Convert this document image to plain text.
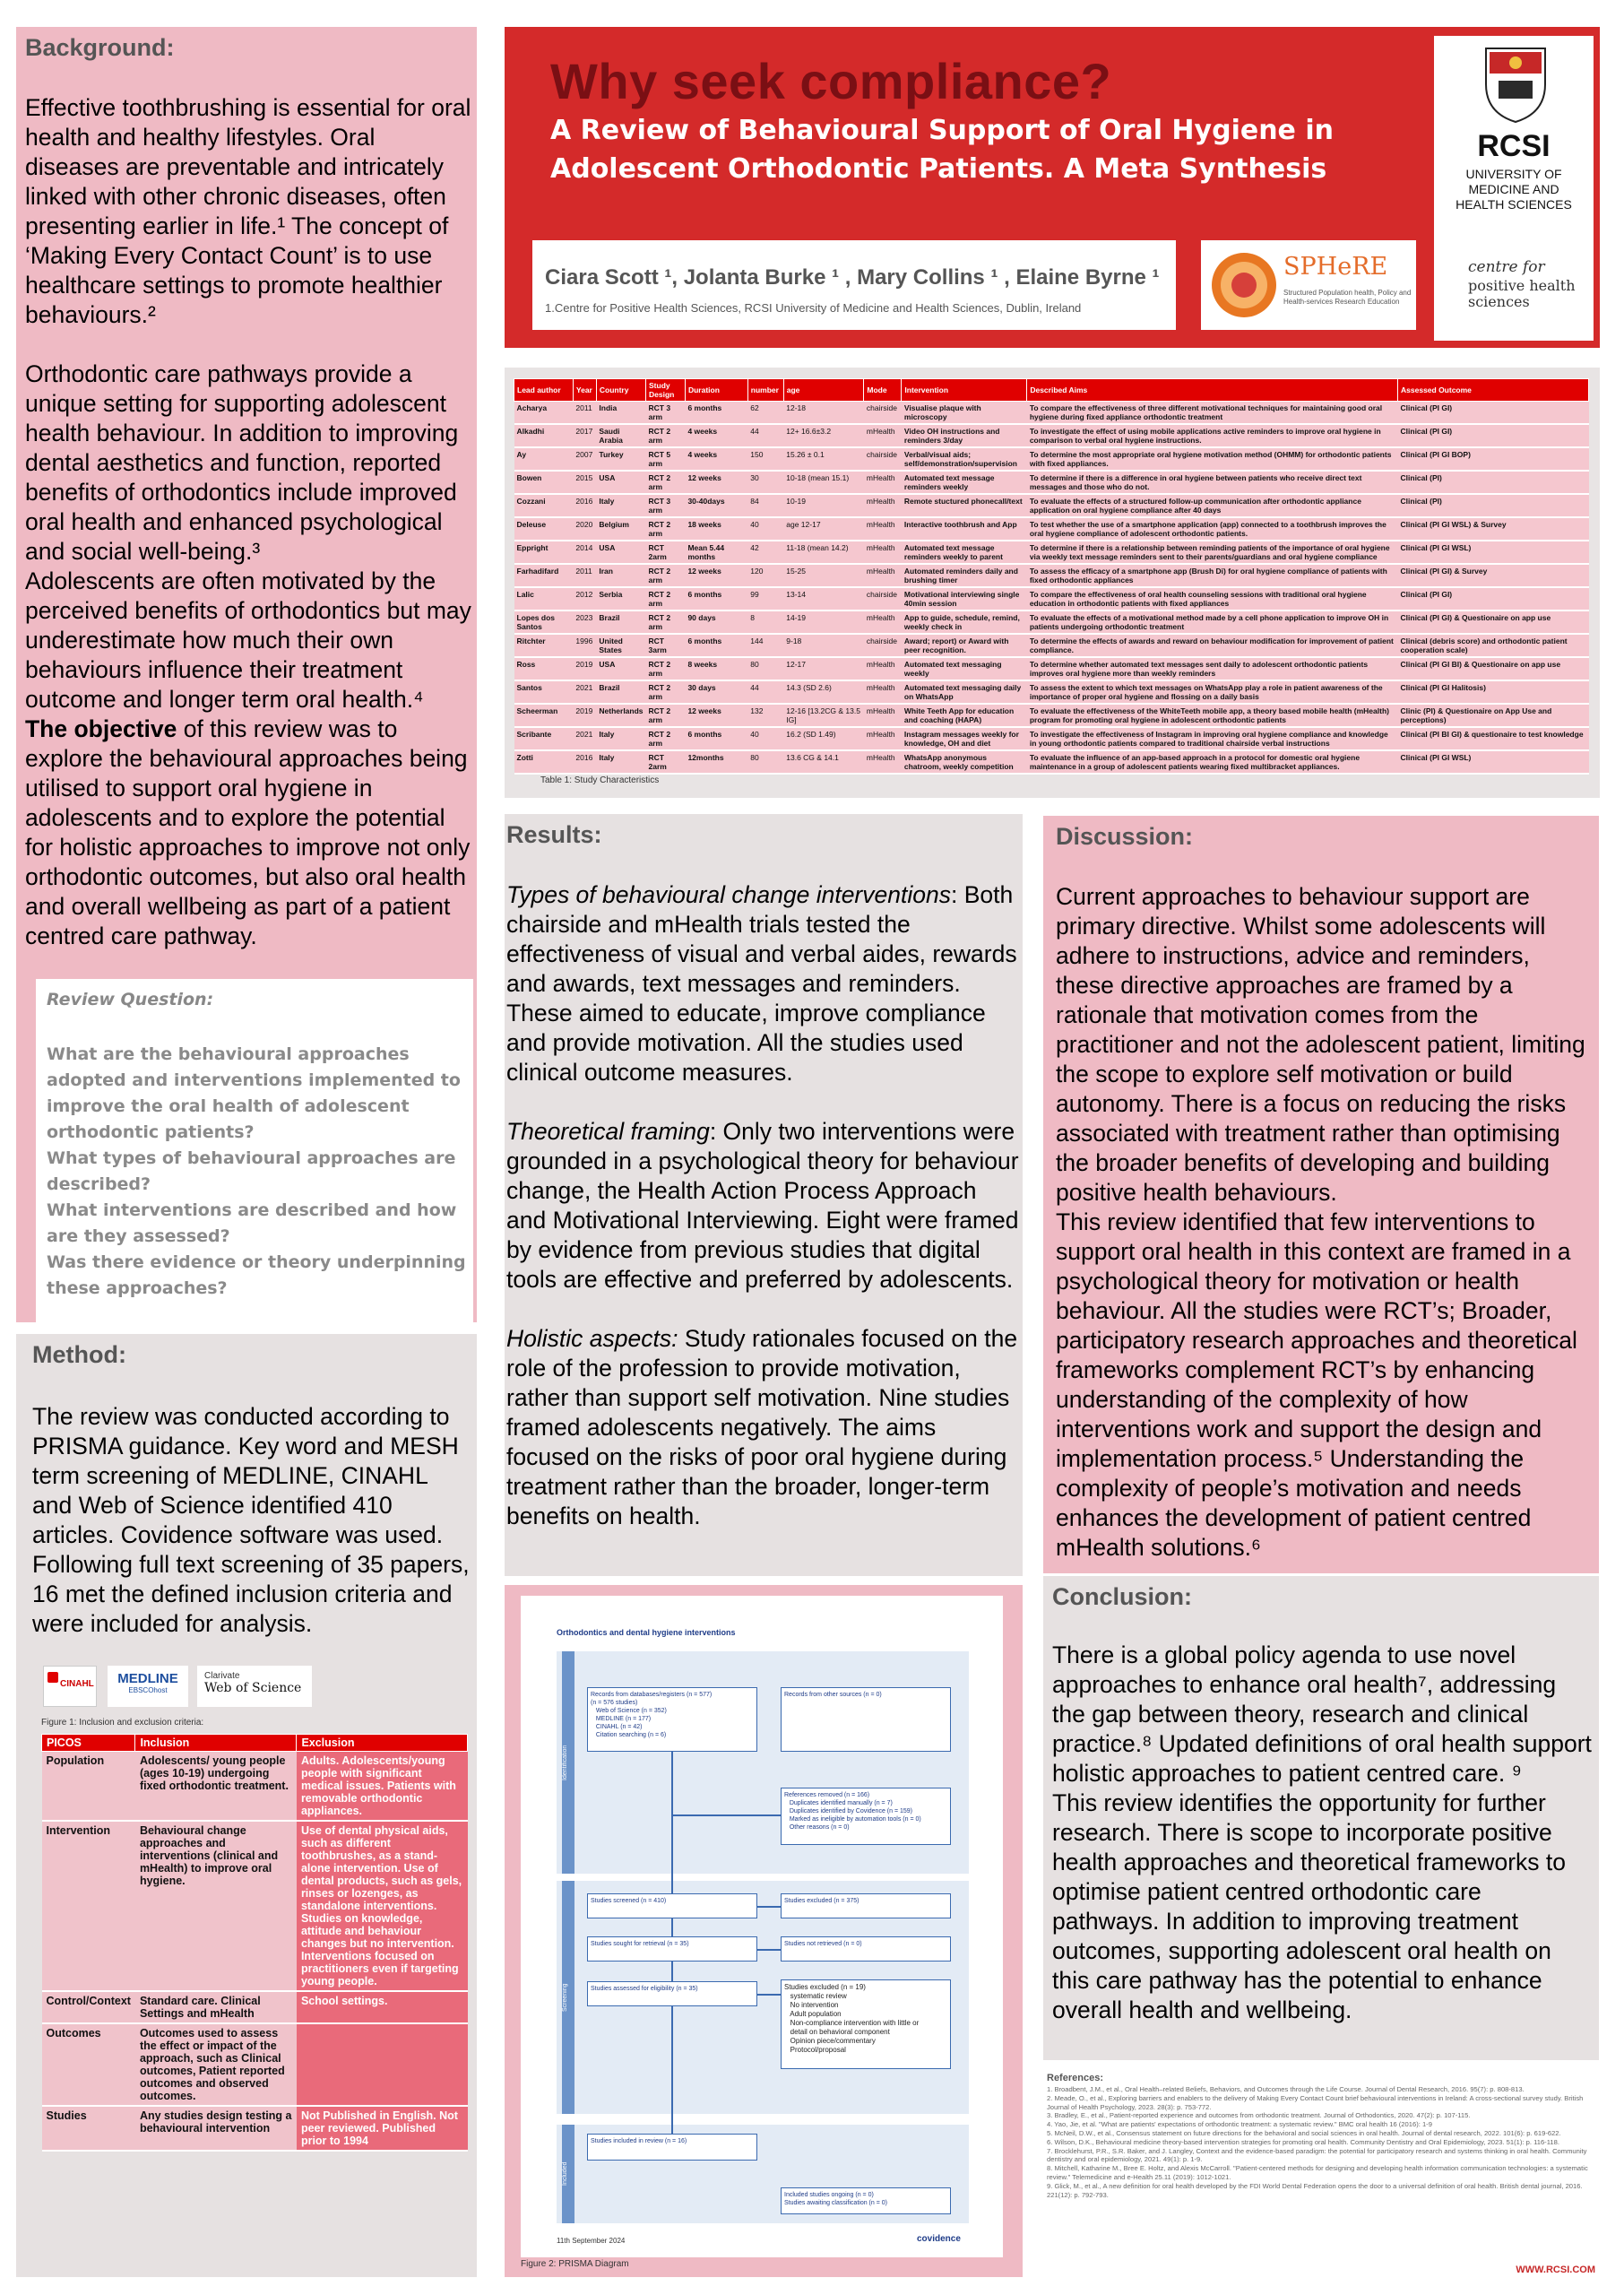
Background:

Effective toothbrushing is essential for oral health and healthy lifestyles. Oral diseases are preventable and intricately linked with other chronic diseases, often presenting earlier in life.¹ The concept of ‘Making Every Contact Count’ is to use healthcare settings to promote healthier behaviours.²

Orthodontic care pathways provide a unique setting for supporting adolescent health behaviour. In addition to improving dental aesthetics and function, reported benefits of orthodontics include improved oral health and enhanced psychological and social well-being.³

Adolescents are often motivated by the perceived benefits of orthodontics but may underestimate how much their own behaviours influence their treatment outcome and longer term oral health.⁴

The objective of this review was to explore the behavioural approaches being utilised to support oral hygiene in adolescents and to explore the potential for holistic approaches to improve not only orthodontic outcomes, but also oral health and overall wellbeing as part of a patient centred care pathway.

Review Question:
What are the behavioural approaches adopted and interventions implemented to improve the oral health of adolescent orthodontic patients?
What types of behavioural approaches are described?
What interventions are described and how are they assessed?
Was there evidence or theory underpinning these approaches?
Method:
The review was conducted according to PRISMA guidance. Key word and MESH term screening of MEDLINE, CINAHL and Web of Science identified 410 articles. Covidence software was used. Following full text screening of 35 papers, 16 met the defined inclusion criteria and were included for analysis.
CINAHL	MEDLINE
EBSCOhost
Clarivate
Web of Science
Figure 1: Inclusion and exclusion criteria:
PICOS	Inclusion	Exclusion
Population	Adolescents/ young people (ages 10-19) undergoing fixed orthodontic treatment.	Adults. Adolescents/young people with significant medical issues. Patients with removable orthodontic appliances.
Intervention	Behavioural change approaches and interventions (clinical and mHealth) to improve oral hygiene.	Use of dental physical aids, such as different toothbrushes, as a stand-alone intervention. Use of dental products, such as gels, rinses or lozenges, as standalone interventions. Studies on knowledge, attitude and behaviour changes but no intervention. Interventions focused on practitioners even if targeting young people.
Control/Context	Standard care. Clinical Settings and mHealth	School settings.
Outcomes	Outcomes used to assess the effect or impact of the approach, such as Clinical outcomes, Patient reported outcomes and observed outcomes.	
Studies	Any studies design testing a behavioural intervention	Not Published in English. Not peer reviewed. Published prior to 1994
Why seek compliance?
A Review of Behavioural Support of Oral Hygiene in Adolescent Orthodontic Patients. A Meta Synthesis
Ciara Scott ¹, Jolanta Burke ¹ , Mary Collins ¹ , Elaine Byrne ¹
1.Centre for Positive Health Sciences, RCSI University of Medicine and Health Sciences, Dublin, Ireland
SPHeRE
Structured Population health, Policy and Health-services Research Education
RCSI
UNIVERSITY OF MEDICINE AND HEALTH SCIENCES
centre for
positive health sciences
Lead author	Year	Country	Study Design	Duration	number	age	Mode	Intervention	Described Aims	Assessed Outcome
Acharya	2011	India	RCT 3 arm	6 months	62	12-18	chairside	Visualise plaque with microscopy	To compare the effectiveness of three different motivational techniques for maintaining good oral hygiene during fixed appliance orthodontic treatment	Clinical (PI GI)
Alkadhi	2017	Saudi Arabia	RCT 2 arm	4 weeks	44	12+ 16.6±3.2	mHealth	Video OH instructions and reminders 3/day	To investigate the effect of using mobile applications active reminders to improve oral hygiene in comparison to verbal oral hygiene instructions.	Clinical (PI GI)
Ay	2007	Turkey	RCT 5 arm	4 weeks	150	15.26 ± 0.1	chairside	Verbal/visual aids; self/demonstration/supervision	To determine the most appropriate oral hygiene motivation method (OHMM) for orthodontic patients with fixed appliances.	Clinical (PI GI BOP)
Bowen	2015	USA	RCT 2 arm	12 weeks	30	10-18 (mean 15.1)	mHealth	Automated text message reminders weekly	To determine if there is a difference in oral hygiene between patients who receive direct text messages and those who do not.	Clinical (PI)
Cozzani	2016	Italy	RCT 3 arm	30-40days	84	10-19	mHealth	Remote stuctured phonecall/text	To evaluate the effects of a structured follow-up communication after orthodontic appliance application on oral hygiene compliance after 40 days	Clinical (PI)
Deleuse	2020	Belgium	RCT 2 arm	18 weeks	40	age 12-17	mHealth	Interactive toothbrush and App	To test whether the use of a smartphone application (app) connected to a toothbrush improves the oral hygiene compliance of adolescent orthodontic patients.	Clinical (PI GI WSL) & Survey
Eppright	2014	USA	RCT 2arm	Mean 5.44 months	42	11-18 (mean 14.2)	mHealth	Automated text message reminders weekly to parent	To determine if there is a relationship between reminding patients of the importance of oral hygiene via weekly text message reminders sent to their parents/guardians and oral hygiene compliance	Clinical (PI GI WSL)
Farhadifard	2011	Iran	RCT 2 arm	12 weeks	120	15-25	mHealth	Automated reminders daily and brushing timer	To assess the efficacy of a smartphone app (Brush Di) for oral hygiene compliance of patients with fixed orthodontic appliances	Clinical (PI GI) & Survey
Lalic	2012	Serbia	RCT 2 arm	6 months	99	13-14	chairside	Motivational interviewing single 40min session	To compare the effectiveness of oral health counseling sessions with traditional oral hygiene education in orthodontic patients with fixed appliances	Clinical (PI GI)
Lopes dos Santos	2023	Brazil	RCT 2 arm	90 days	8	14-19	mHealth	App to guide, schedule, remind, weekly check in	To evaluate the effects of a motivational method made by a cell phone application to improve OH in patients undergoing orthodontic treatment	Clinical (PI GI) & Questionaire on app use
Ritchter	1996	United States	RCT 3arm	6 months	144	9-18	chairside	Award; report) or Award with peer recognition.	To determine the effects of awards and reward on behaviour modification for improvement of patient compliance.	Clinical (debris score) and orthodontic patient cooperation scale)
Ross	2019	USA	RCT 2 arm	8 weeks	80	12-17	mHealth	Automated text messaging weekly	To determine whether automated text messages sent daily to adolescent orthodontic patients improves oral hygiene more than weekly reminders	Clinical (PI GI BI) & Questionaire on app use
Santos	2021	Brazil	RCT 2 arm	30 days	44	14.3 (SD 2.6)	mHealth	Automated text messaging daily on WhatsApp	To assess the extent to which text messages on WhatsApp play a role in patient awareness of the importance of proper oral hygiene and flossing on a daily basis	Clinical (PI GI Halitosis)
Scheerman	2019	Netherlands	RCT 2 arm	12 weeks	132	12-16 [13.2CG & 13.5 IG]	mHealth	White Teeth App for education and coaching (HAPA)	To evaluate the effectiveness of the WhiteTeeth mobile app, a theory based mobile health (mHealth) program for promoting oral hygiene in adolescent orthodontic patients	Clinic (PI) & Questionaire on App Use and perceptions)
Scribante	2021	Italy	RCT 2 arm	6 months	40	16.2 (SD 1.49)	mHealth	Instagram messages weekly for knowledge, OH and diet	To investigate the effectiveness of Instagram in improving oral hygiene compliance and knowledge in young orthodontic patients compared to traditional chairside verbal instructions	Clinical (PI BI GI) & questionaire to test knowledge
Zotti	2016	Italy	RCT 2arm	12months	80	13.6 CG & 14.1	mHealth	WhatsApp anonymous chatroom, weekly competition	To evaluate the influence of an app-based approach in a protocol for domestic oral hygiene maintenance in a group of adolescent patients wearing fixed multibracket appliances.	Clinical (PI GI WSL)
Table 1: Study Characteristics
Results:

Types of behavioural change interventions: Both chairside and mHealth trials tested the effectiveness of visual and verbal aides, rewards and awards, text messages and reminders. These aimed to educate, improve compliance and provide motivation. All the studies used clinical outcome measures.

Theoretical framing: Only two interventions were grounded in a psychological theory for behaviour change, the Health Action Process Approach and Motivational Interviewing. Eight were framed by evidence from previous studies that digital tools are effective and preferred by adolescents.

Holistic aspects: Study rationales focused on the role of the profession to provide motivation, rather than support self motivation. Nine studies framed adolescents negatively. The aims focused on the risks of poor oral hygiene during treatment rather than the broader, longer-term benefits on health.

Orthodontics and dental hygiene interventions
Identification
Records from databases/registers (n = 577)
(n = 576 studies)
Web of Science (n = 352)
MEDLINE (n = 177)
CINAHL (n = 42)
Citation searching (n = 6)
Records from other sources (n = 0)
References removed (n = 166)
Duplicates identified manually (n = 7)
Duplicates identified by Covidence (n = 159)
Marked as ineligible by automation tools (n = 0)
Other reasons (n = 0)
Screening
Studies screened (n = 410)	Studies excluded (n = 375)
Studies sought for retrieval (n = 35)	Studies not retrieved (n = 0)
Studies assessed for eligibility (n = 35)	Studies excluded (n = 19)
systematic review
No intervention
Adult population
Non-compliance intervention with little or
detail on behavioral component
Opinion piece/commentary
Protocol/proposal
Included
Studies included in review (n = 16)
Included studies ongoing (n = 0)
Studies awaiting classification (n = 0)
11th September 2024	covidence
Figure 2: PRISMA Diagram
Discussion:

Current approaches to behaviour support are primary directive. Whilst some adolescents will adhere to instructions, advice and reminders, these directive approaches are framed by a rationale that motivation comes from the practitioner and not the adolescent patient, limiting the scope to explore self motivation or build autonomy. There is a focus on reducing the risks associated with treatment rather than optimising the broader benefits of developing and building positive health behaviours.

This review identified that few interventions to support oral health in this context are framed in a psychological theory for motivation or health behaviour. All the studies were RCT’s; Broader, participatory research approaches and theoretical frameworks complement RCT’s by enhancing understanding of the complexity of how interventions work and support the design and implementation process.⁵ Understanding the complexity of people’s motivation and needs enhances the development of patient centred mHealth solutions.⁶

Conclusion:

There is a global policy agenda to use novel approaches to enhance oral health⁷, addressing the gap between theory, research and clinical practice.⁸ Updated definitions of oral health support holistic approaches to patient centred care. ⁹

This review identifies the opportunity for further research. There is scope to incorporate positive health approaches and theoretical frameworks to optimise patient centred orthodontic care pathways. In addition to improving treatment outcomes, supporting adolescent oral health on this care pathway has the potential to enhance overall health and wellbeing.

References:
1. Broadbent, J.M., et al., Oral Health–related Beliefs, Behaviors, and Outcomes through the Life Course. Journal of Dental Research, 2016. 95(7): p. 808-813.
2. Meade, O., et al., Exploring barriers and enablers to the delivery of Making Every Contact Count brief behavioural interventions in Ireland: A cross-sectional survey study. British Journal of Health Psychology, 2023. 28(3): p. 753-772.
3. Bradley, E., et al., Patient-reported experience and outcomes from orthodontic treatment. Journal of Orthodontics, 2020. 47(2): p. 107-115.
4. Yao, Jie, et al. "What are patients' expectations of orthodontic treatment: a systematic review." BMC oral health 16 (2016): 1-9
5. McNeil, D.W., et al., Consensus statement on future directions for the behavioral and social sciences in oral health. Journal of dental research, 2022. 101(6): p. 619-622.
6. Wilson, D.K., Behavioural medicine theory-based intervention strategies for promoting oral health. Community Dentistry and Oral Epidemiology, 2023. 51(1): p. 116-118.
7. Brocklehurst, P.R., S.R. Baker, and J. Langley, Context and the evidence-based paradigm: the potential for participatory research and systems thinking in oral health. Community dentistry and oral epidemiology, 2021. 49(1): p. 1-9.
8. Mitchell, Katharine M., Bree E. Holtz, and Alexis McCarroll. "Patient-centered methods for designing and developing health information communication technologies: a systematic review." Telemedicine and e-Health 25.11 (2019): 1012-1021.
9. Glick, M., et al., A new definition for oral health developed by the FDI World Dental Federation opens the door to a universal definition of oral health. British dental journal, 2016. 221(12): p. 792-793.
WWW.RCSI.COM
